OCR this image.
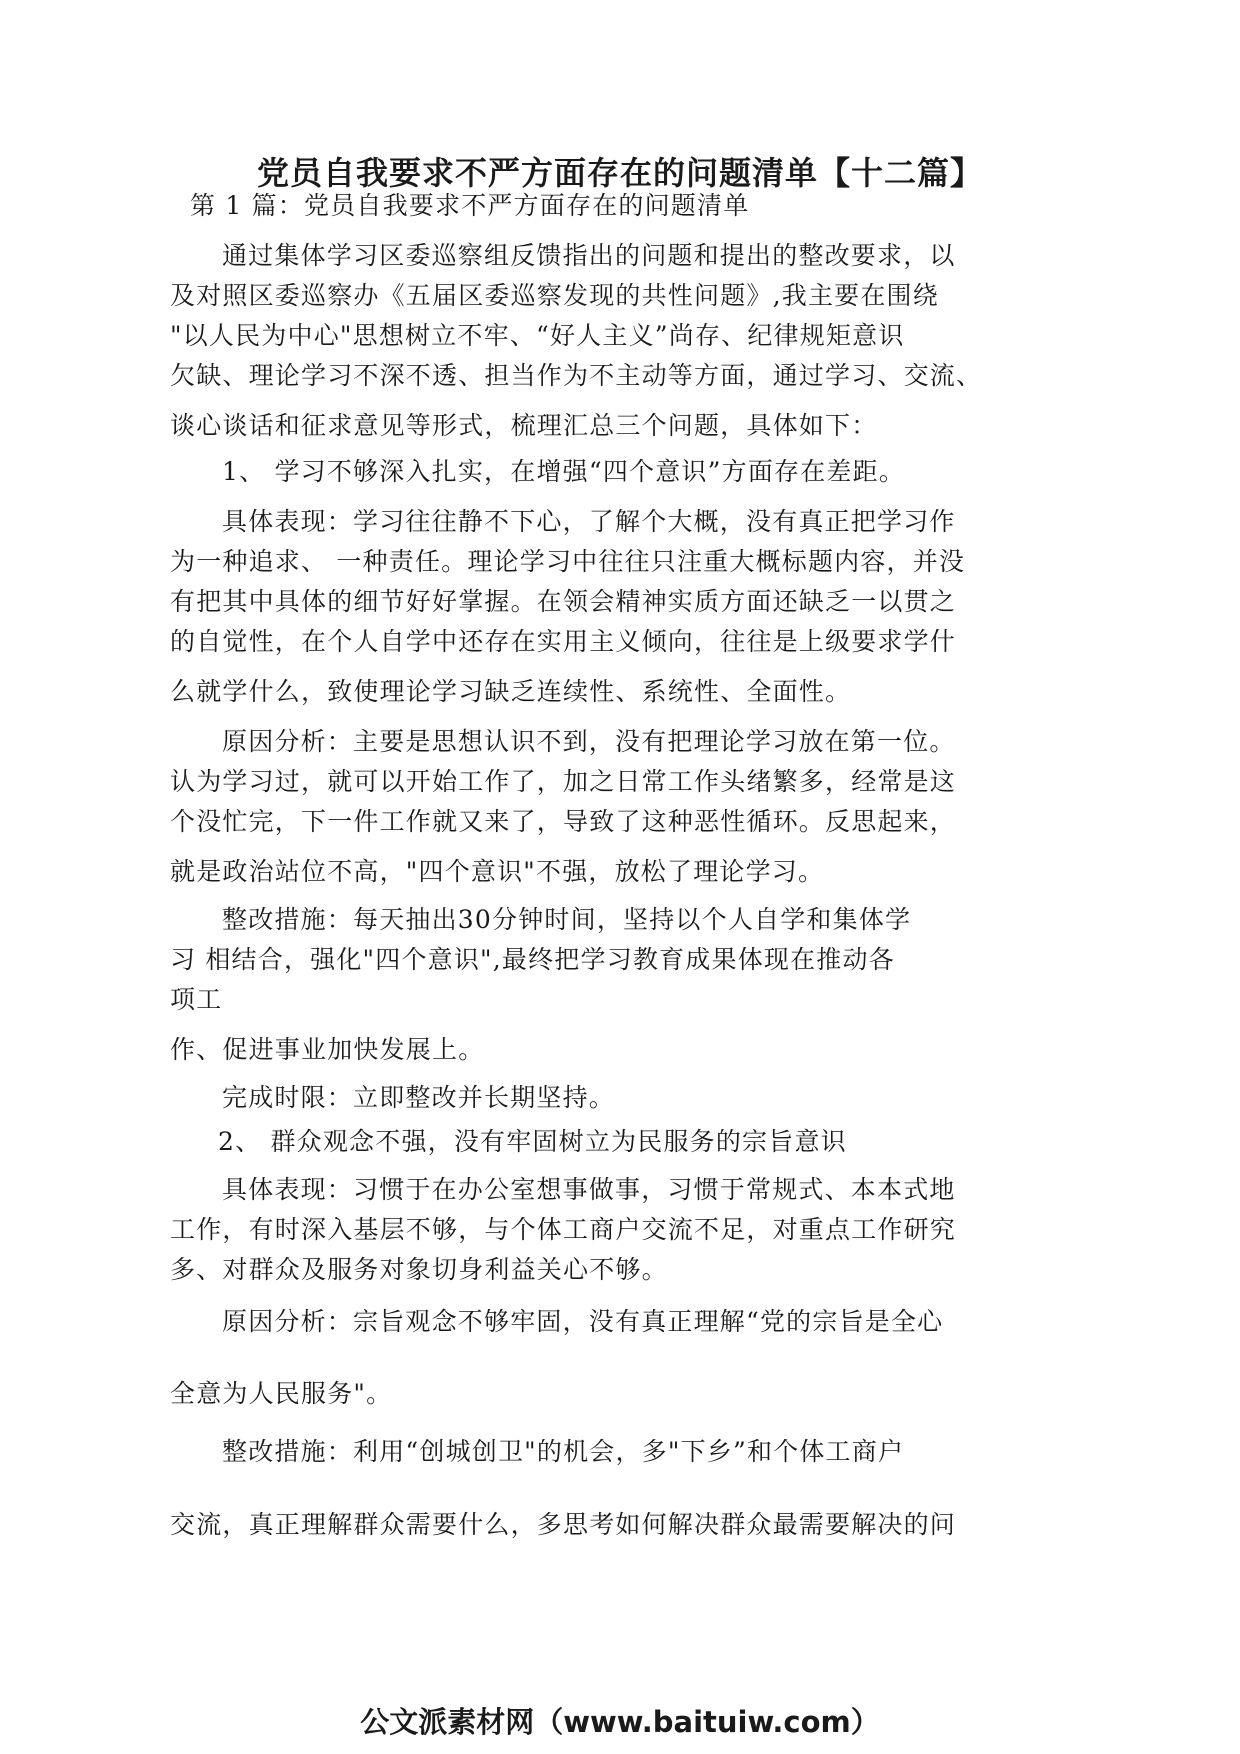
党员自我要求不严方面存在的问题清单【十二篇】

第 1 篇：党员自我要求不严方面存在的问题清单

通过集体学习区委巡察组反馈指出的问题和提出的整改要求，以

及对照区委巡察办《五届区委巡察发现的共性问题》,我主要在围绕

"以人民为中心"思想树立不牢、“好人主义”尚存、纪律规矩意识

欠缺、理论学习不深不透、担当作为不主动等方面，通过学习、交流、

谈心谈话和征求意见等形式，梳理汇总三个问题，具体如下：

1、 学习不够深入扎实，在增强“四个意识”方面存在差距。

具体表现：学习往往静不下心，了解个大概，没有真正把学习作

为一种追求、 一种责任。理论学习中往往只注重大概标题内容，并没

有把其中具体的细节好好掌握。在领会精神实质方面还缺乏一以贯之

的自觉性，在个人自学中还存在实用主义倾向，往往是上级要求学什

么就学什么，致使理论学习缺乏连续性、系统性、全面性。

原因分析：主要是思想认识不到，没有把理论学习放在第一位。

认为学习过，就可以开始工作了，加之日常工作头绪繁多，经常是这

个没忙完，下一件工作就又来了，导致了这种恶性循环。反思起来，

就是政治站位不高，"四个意识"不强，放松了理论学习。

整改措施：每天抽出30分钟时间，坚持以个人自学和集体学

习 相结合，强化"四个意识",最终把学习教育成果体现在推动各

项工

作、促进事业加快发展上。

完成时限：立即整改并长期坚持。

2、 群众观念不强，没有牢固树立为民服务的宗旨意识

具体表现：习惯于在办公室想事做事，习惯于常规式、本本式地

工作，有时深入基层不够，与个体工商户交流不足，对重点工作研究

多、对群众及服务对象切身利益关心不够。

原因分析：宗旨观念不够牢固，没有真正理解“党的宗旨是全心

全意为人民服务"。

整改措施：利用“创城创卫"的机会，多"下乡”和个体工商户

交流，真正理解群众需要什么，多思考如何解决群众最需要解决的问

公文派素材网（www.baituiw.com）
